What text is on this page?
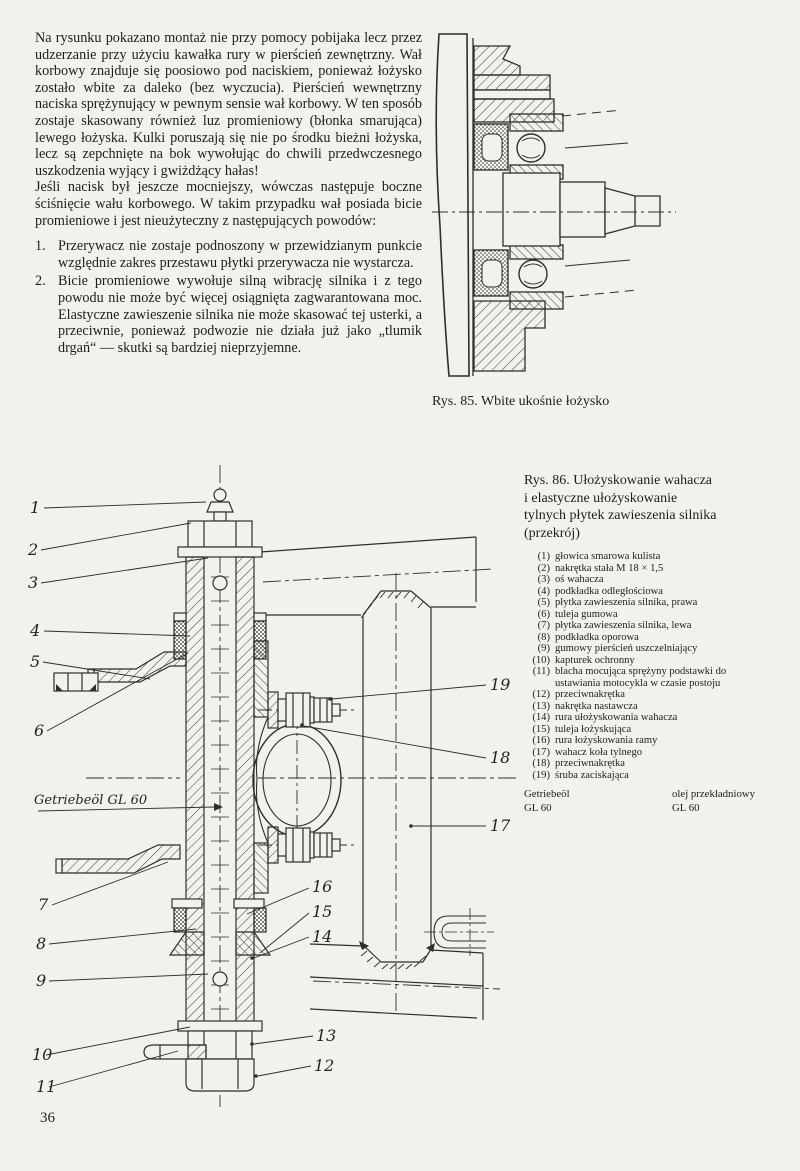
Na rysunku pokazano montaż nie przy pomocy pobijaka lecz przez udzerzanie przy użyciu kawałka rury w pierścień zewnętrzny. Wał korbowy znajduje się poosiowo pod naciskiem, ponieważ łożysko zostało wbite za daleko (bez wyczucia). Pierścień wewnętrzny naciska sprężynujący w pewnym sensie wał korbowy. W ten sposób zostaje skasowany również luz promieniowy (błonka smarująca) lewego łożyska. Kulki poruszają się nie po środku bieżni łożyska, lecz są zepchnięte na bok wywołując do chwili przedwczesnego uszkodzenia wyjący i gwiżdżący hałas!

Jeśli nacisk był jeszcze mocniejszy, wówczas następuje boczne ściśnięcie wału korbowego. W takim przypadku wał posiada bicie promieniowe i jest nieużyteczny z następujących powodów:

1. Przerywacz nie zostaje podnoszony w przewidzianym punkcie względnie zakres przestawu płytki przerywacza nie wystarcza.
2. Bicie promieniowe wywołuje silną wibrację silnika i z tego powodu nie może być więcej osiągnięta zagwarantowana moc. Elastyczne zawieszenie silnika nie może skasować tej usterki, a przeciwnie, ponieważ podwozie nie działa już jako „tlumik drgań“ — skutki są bardziej nieprzyjemne.
Rys. 85. Wbite ukośnie łożysko
1
2
3
4
5
6
7
8
9
10
11
12
13
14
15
16
17
18
19
Getriebeöl GL 60
Rys. 86. Ułożyskowanie wahacza
i elastyczne ułożyskowanie
tylnych płytek zawieszenia silnika
(przekrój)
(1) głowica smarowa kulista
(2) nakrętka stała M 18 × 1,5
(3) oś wahacza
(4) podkładka odległościowa
(5) płytka zawieszenia silnika, prawa
(6) tuleja gumowa
(7) płytka zawieszenia silnika, lewa
(8) podkładka oporowa
(9) gumowy pierścień uszczelniający
(10) kapturek ochronny
(11) blacha mocująca sprężyny podstawki do ustawiania motocykla w czasie postoju
(12) przeciwnakrętka
(13) nakrętka nastawcza
(14) rura ułożyskowania wahacza
(15) tuleja łożyskująca
(16) rura łożyskowania ramy
(17) wahacz koła tylnego
(18) przeciwnakrętka
(19) śruba zaciskająca
Getriebeöl
GL 60
olej przekładniowy
GL 60
36
